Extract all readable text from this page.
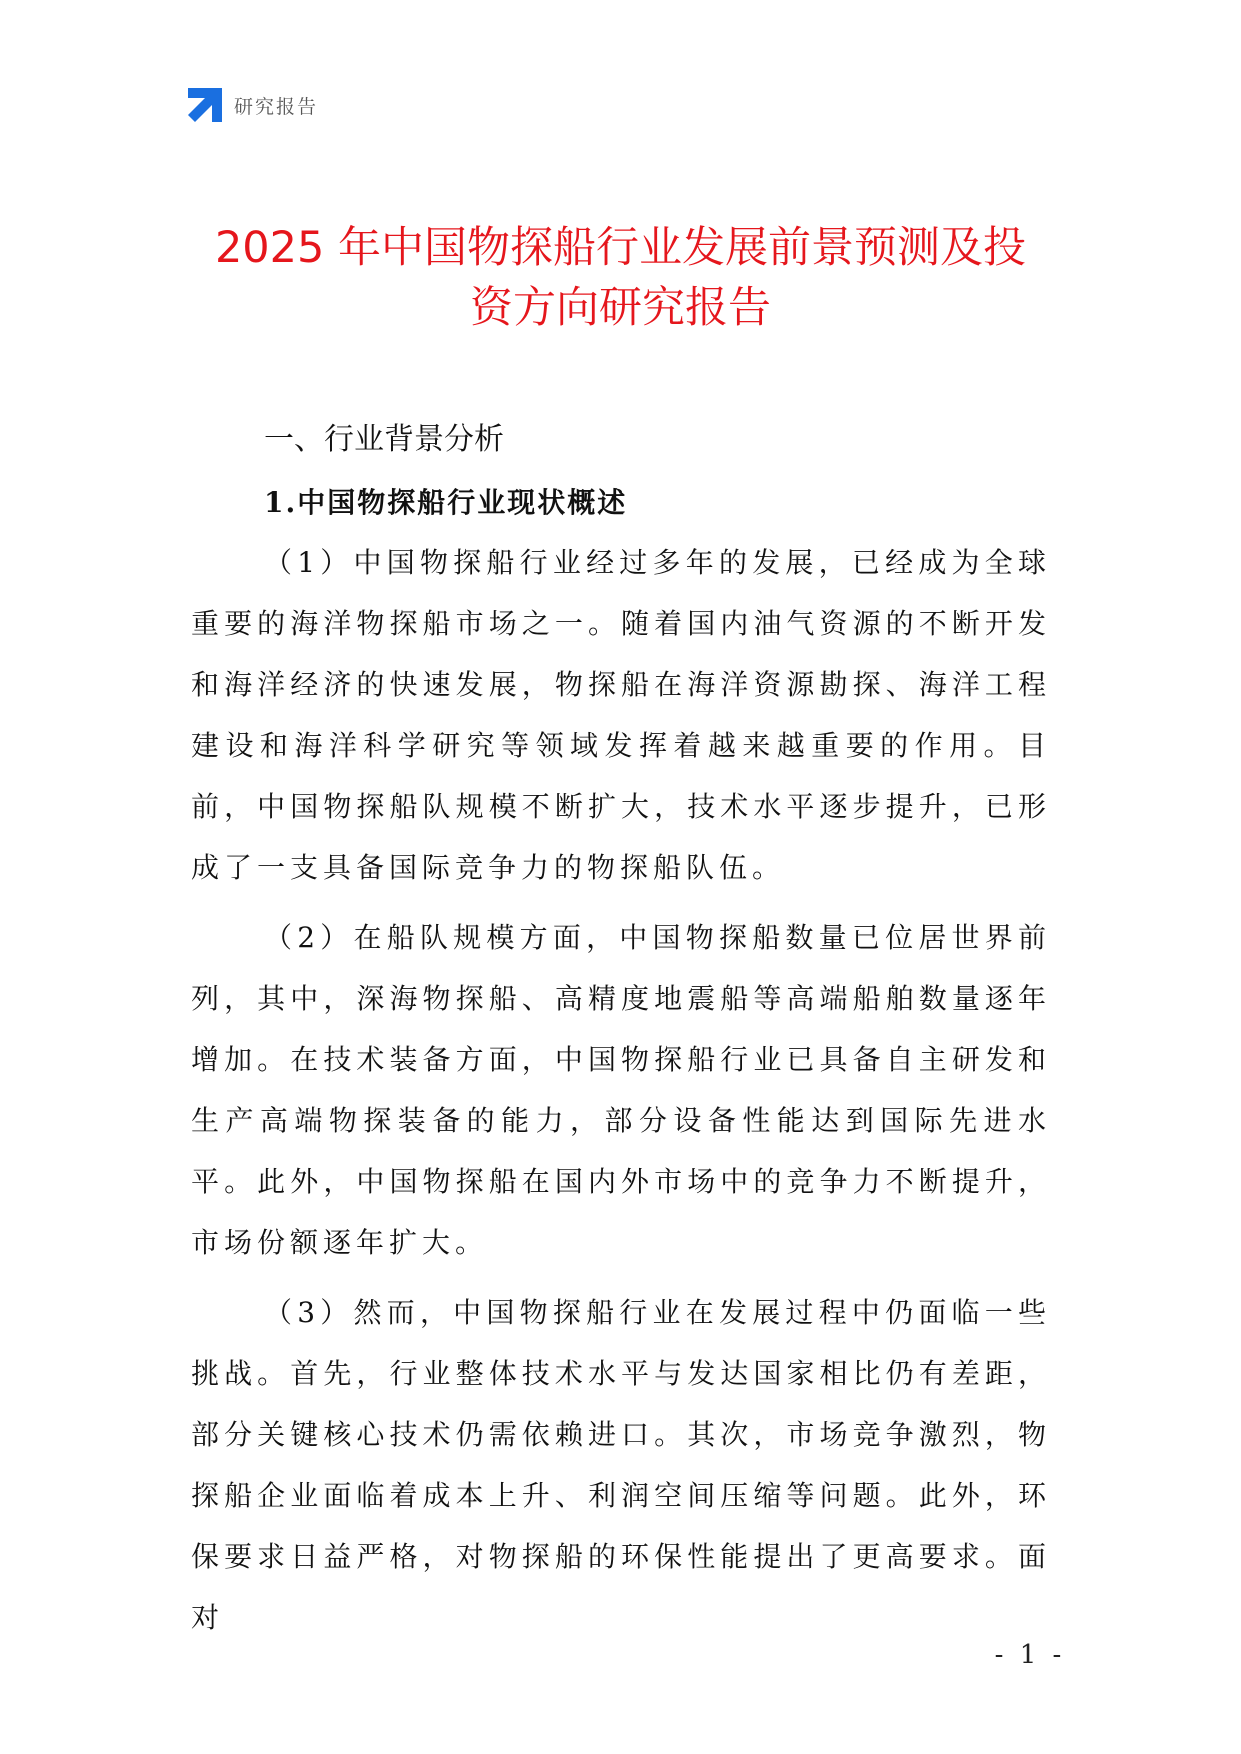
研究报告
2025 年中国物探船行业发展前景预测及投
资方向研究报告
一、行业背景分析
1.中国物探船行业现状概述

（1）中国物探船行业经过多年的发展，已经成为全球重要的海洋物探船市场之一。随着国内油气资源的不断开发和海洋经济的快速发展，物探船在海洋资源勘探、海洋工程建设和海洋科学研究等领域发挥着越来越重要的作用。目前，中国物探船队规模不断扩大，技术水平逐步提升，已形成了一支具备国际竞争力的物探船队伍。

（2）在船队规模方面，中国物探船数量已位居世界前列，其中，深海物探船、高精度地震船等高端船舶数量逐年增加。在技术装备方面，中国物探船行业已具备自主研发和生产高端物探装备的能力，部分设备性能达到国际先进水平。此外，中国物探船在国内外市场中的竞争力不断提升，市场份额逐年扩大。

（3）然而，中国物探船行业在发展过程中仍面临一些挑战。首先，行业整体技术水平与发达国家相比仍有差距，部分关键核心技术仍需依赖进口。其次，市场竞争激烈，物探船企业面临着成本上升、利润空间压缩等问题。此外，环保要求日益严格，对物探船的环保性能提出了更高要求。面对

- 1 -
